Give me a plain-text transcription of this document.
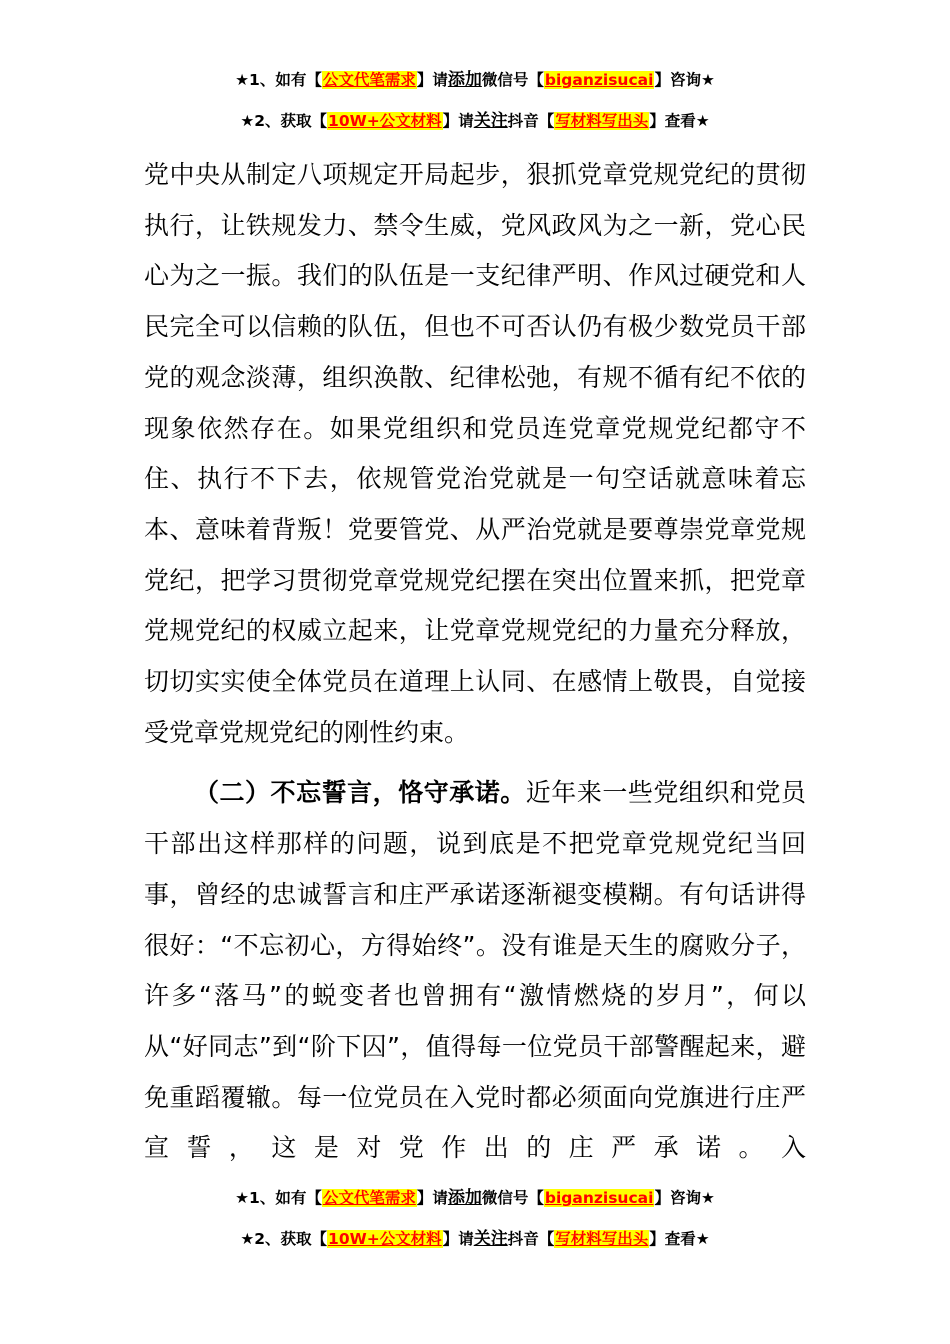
★1、如有【公文代笔需求】请添加微信号【biganzisucai】咨询★
★2、获取【10W+公文材料】请关注抖音【写材料写出头】查看★

党中央从制定八项规定开局起步，狠抓党章党规党纪的贯彻执行，让铁规发力、禁令生威，党风政风为之一新，党心民心为之一振。我们的队伍是一支纪律严明、作风过硬党和人民完全可以信赖的队伍，但也不可否认仍有极少数党员干部党的观念淡薄，组织涣散、纪律松弛，有规不循有纪不依的现象依然存在。如果党组织和党员连党章党规党纪都守不住、执行不下去，依规管党治党就是一句空话就意味着忘本、意味着背叛！党要管党、从严治党就是要尊崇党章党规党纪，把学习贯彻党章党规党纪摆在突出位置来抓，把党章党规党纪的权威立起来，让党章党规党纪的力量充分释放，切切实实使全体党员在道理上认同、在感情上敬畏，自觉接受党章党规党纪的刚性约束。

（二）不忘誓言，恪守承诺。近年来一些党组织和党员干部出这样那样的问题，说到底是不把党章党规党纪当回事，曾经的忠诚誓言和庄严承诺逐渐褪变模糊。有句话讲得很好：“不忘初心，方得始终”。没有谁是天生的腐败分子，许多“落马”的蜕变者也曾拥有“激情燃烧的岁月”，何以从“好同志”到“阶下囚”，值得每一位党员干部警醒起来，避免重蹈覆辙。每一位党员在入党时都必须面向党旗进行庄严宣誓，这是对党作出的庄严承诺。入

★1、如有【公文代笔需求】请添加微信号【biganzisucai】咨询★
★2、获取【10W+公文材料】请关注抖音【写材料写出头】查看★
